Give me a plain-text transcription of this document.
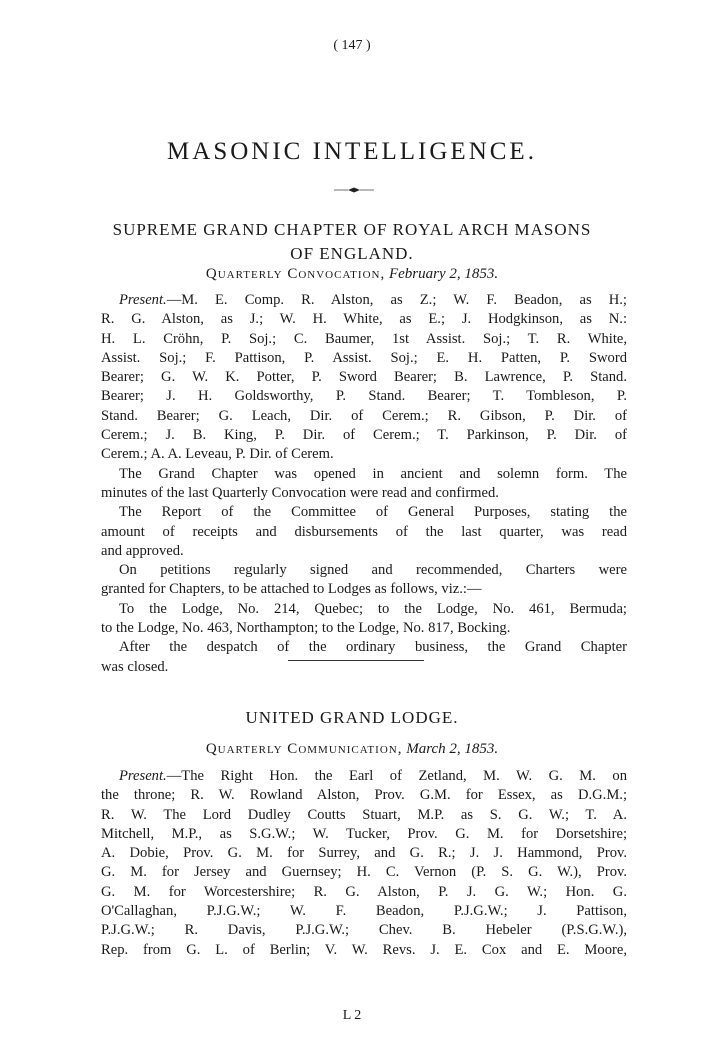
( 147 )
MASONIC INTELLIGENCE.
SUPREME GRAND CHAPTER OF ROYAL ARCH MASONS
OF ENGLAND.
Quarterly Convocation, February 2, 1853.
Present.—M. E. Comp. R. Alston, as Z.; W. F. Beadon, as H.;
R. G. Alston, as J.; W. H. White, as E.; J. Hodgkinson, as N.:
H. L. Cröhn, P. Soj.; C. Baumer, 1st Assist. Soj.; T. R. White,
Assist. Soj.; F. Pattison, P. Assist. Soj.; E. H. Patten, P. Sword
Bearer; G. W. K. Potter, P. Sword Bearer; B. Lawrence, P. Stand.
Bearer; J. H. Goldsworthy, P. Stand. Bearer; T. Tombleson, P.
Stand. Bearer; G. Leach, Dir. of Cerem.; R. Gibson, P. Dir. of
Cerem.; J. B. King, P. Dir. of Cerem.; T. Parkinson, P. Dir. of
Cerem.; A. A. Leveau, P. Dir. of Cerem.
The Grand Chapter was opened in ancient and solemn form. The
minutes of the last Quarterly Convocation were read and confirmed.
The Report of the Committee of General Purposes, stating the
amount of receipts and disbursements of the last quarter, was read
and approved.
On petitions regularly signed and recommended, Charters were
granted for Chapters, to be attached to Lodges as follows, viz.:—
To the Lodge, No. 214, Quebec; to the Lodge, No. 461, Bermuda;
to the Lodge, No. 463, Northampton; to the Lodge, No. 817, Bocking.
After the despatch of the ordinary business, the Grand Chapter
was closed.
UNITED GRAND LODGE.
Quarterly Communication, March 2, 1853.
Present.—The Right Hon. the Earl of Zetland, M. W. G. M. on
the throne; R. W. Rowland Alston, Prov. G.M. for Essex, as D.G.M.;
R. W. The Lord Dudley Coutts Stuart, M.P. as S. G. W.; T. A.
Mitchell, M.P., as S.G.W.; W. Tucker, Prov. G. M. for Dorsetshire;
A. Dobie, Prov. G. M. for Surrey, and G. R.; J. J. Hammond, Prov.
G. M. for Jersey and Guernsey; H. C. Vernon (P. S. G. W.), Prov.
G. M. for Worcestershire; R. G. Alston, P. J. G. W.; Hon. G.
O'Callaghan, P.J.G.W.; W. F. Beadon, P.J.G.W.; J. Pattison,
P.J.G.W.; R. Davis, P.J.G.W.; Chev. B. Hebeler (P.S.G.W.),
Rep. from G. L. of Berlin; V. W. Revs. J. E. Cox and E. Moore,
L 2
